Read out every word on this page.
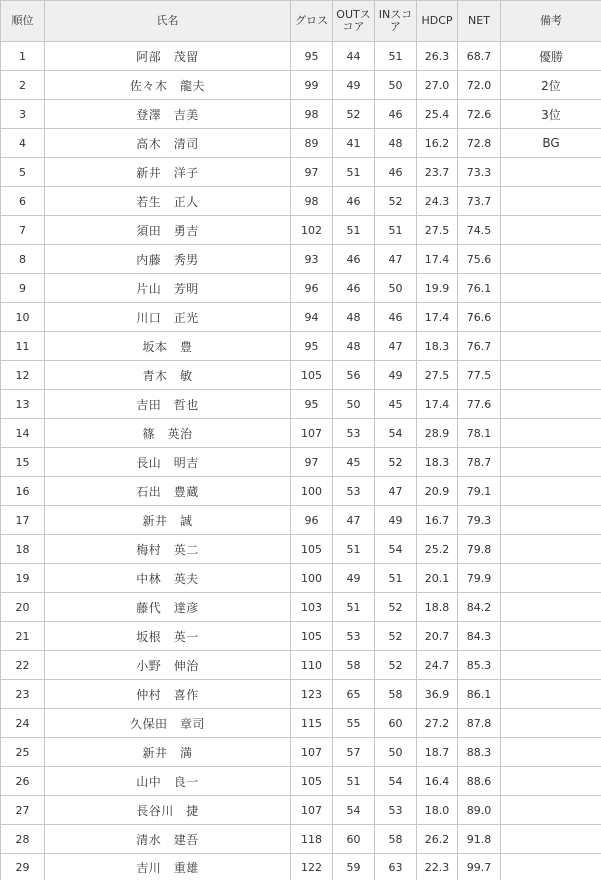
順位	氏名	グロス	OUTスコア	INスコア	HDCP	NET	備考
1	阿部　茂留	95	44	51	26.3	68.7	優勝
2	佐々木　龍夫	99	49	50	27.0	72.0	2位
3	登澤　吉美	98	52	46	25.4	72.6	3位
4	高木　清司	89	41	48	16.2	72.8	BG
5	新井　洋子	97	51	46	23.7	73.3	
6	若生　正人	98	46	52	24.3	73.7	
7	須田　勇吉	102	51	51	27.5	74.5	
8	内藤　秀男	93	46	47	17.4	75.6	
9	片山　芳明	96	46	50	19.9	76.1	
10	川口　正光	94	48	46	17.4	76.6	
11	坂本　豊	95	48	47	18.3	76.7	
12	青木　敏	105	56	49	27.5	77.5	
13	吉田　哲也	95	50	45	17.4	77.6	
14	篠　英治	107	53	54	28.9	78.1	
15	長山　明吉	97	45	52	18.3	78.7	
16	石出　豊蔵	100	53	47	20.9	79.1	
17	新井　誠	96	47	49	16.7	79.3	
18	梅村　英二	105	51	54	25.2	79.8	
19	中林　英夫	100	49	51	20.1	79.9	
20	藤代　達彦	103	51	52	18.8	84.2	
21	坂根　英一	105	53	52	20.7	84.3	
22	小野　伸治	110	58	52	24.7	85.3	
23	仲村　喜作	123	65	58	36.9	86.1	
24	久保田　章司	115	55	60	27.2	87.8	
25	新井　満	107	57	50	18.7	88.3	
26	山中　良一	105	51	54	16.4	88.6	
27	長谷川　捷	107	54	53	18.0	89.0	
28	清水　建吾	118	60	58	26.2	91.8	
29	吉川　重雄	122	59	63	22.3	99.7	
